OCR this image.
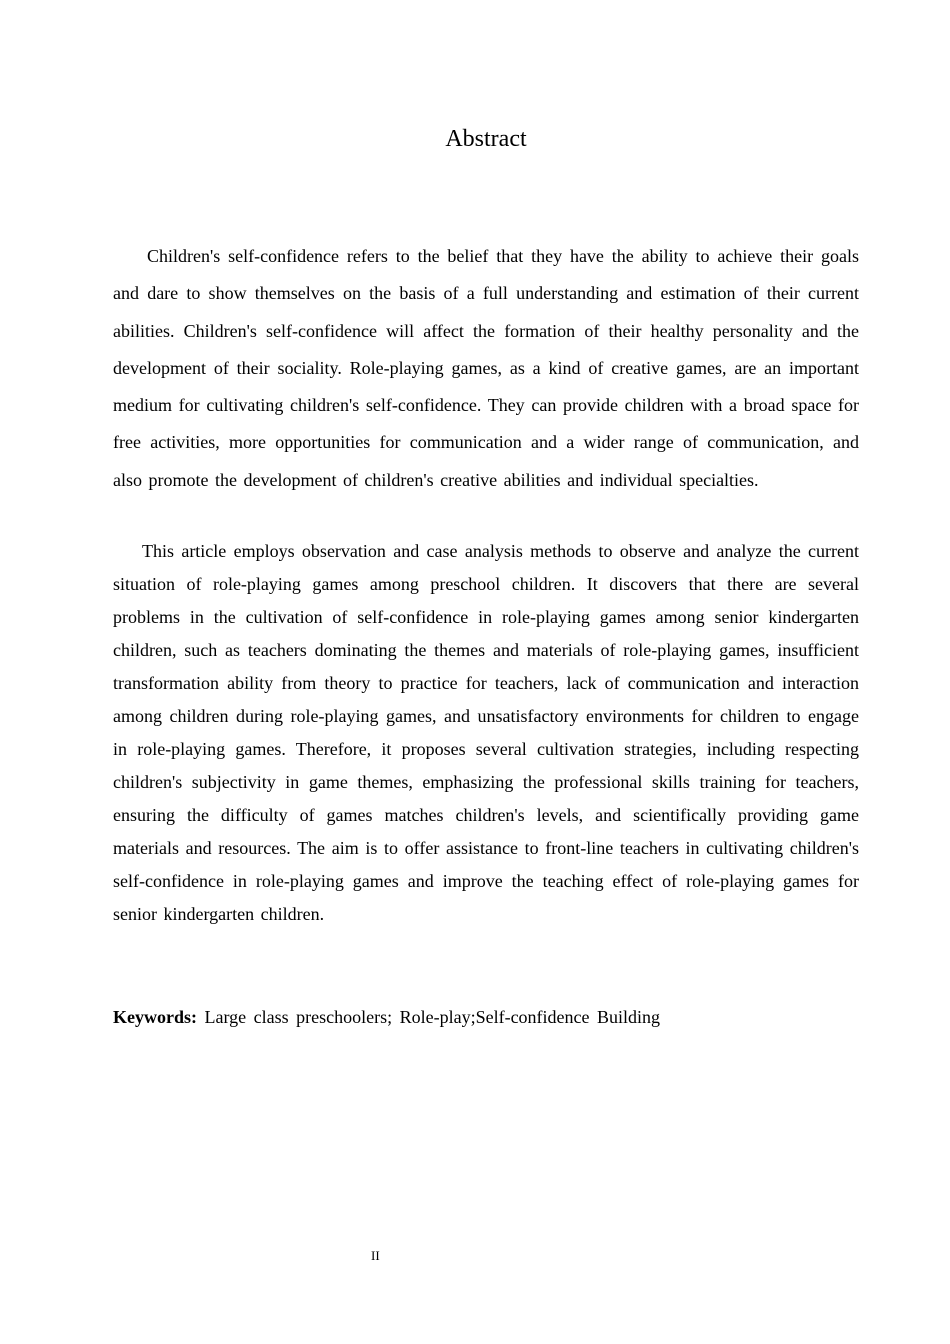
Abstract

Children's self-confidence refers to the belief that they have the ability to achieve their goals and dare to show themselves on the basis of a full understanding and estimation of their current abilities. Children's self-confidence will affect the formation of their healthy personality and the development of their sociality. Role-playing games, as a kind of creative games, are an important medium for cultivating children's self-confidence. They can provide children with a broad space for free activities, more opportunities for communication and a wider range of communication, and also promote the development of children's creative abilities and individual specialties.

This article employs observation and case analysis methods to observe and analyze the current situation of role-playing games among preschool children. It discovers that there are several problems in the cultivation of self-confidence in role-playing games among senior kindergarten children, such as teachers dominating the themes and materials of role-playing games, insufficient transformation ability from theory to practice for teachers, lack of communication and interaction among children during role-playing games, and unsatisfactory environments for children to engage in role-playing games. Therefore, it proposes several cultivation strategies, including respecting children's subjectivity in game themes, emphasizing the professional skills training for teachers, ensuring the difficulty of games matches children's levels, and scientifically providing game materials and resources. The aim is to offer assistance to front-line teachers in cultivating children's self-confidence in role-playing games and improve the teaching effect of role-playing games for senior kindergarten children.

Keywords: Large class preschoolers; Role-play;Self-confidence Building

II
